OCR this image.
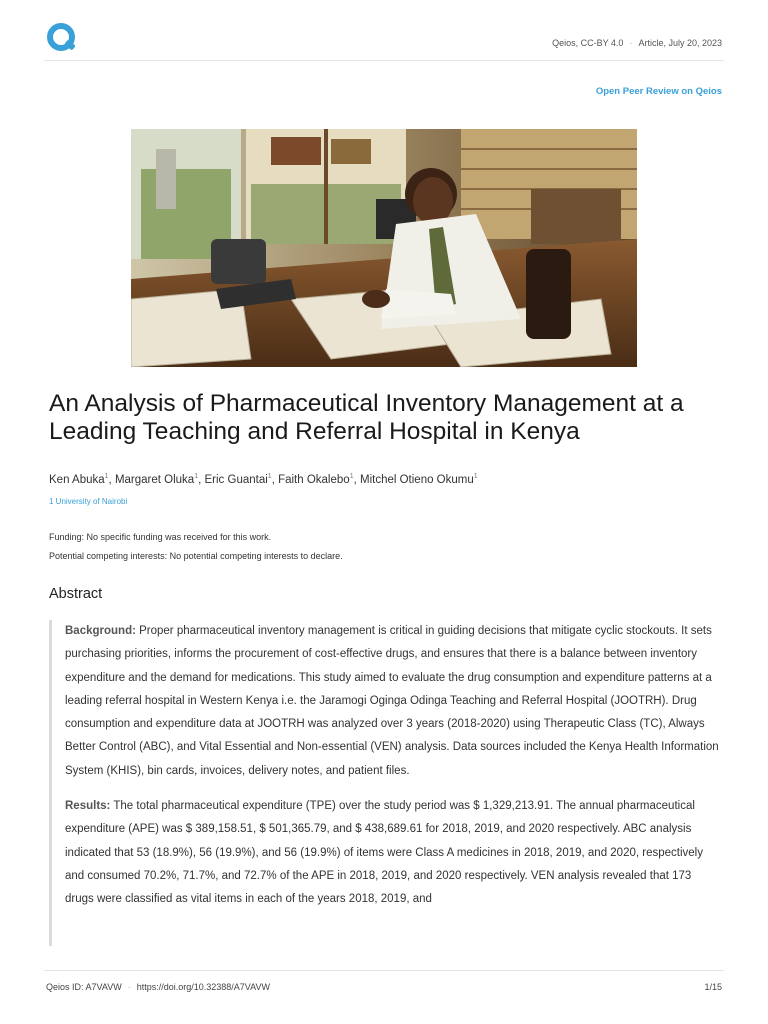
Qeios, CC-BY 4.0 · Article, July 20, 2023
Open Peer Review on Qeios
An Analysis of Pharmaceutical Inventory Management at a Leading Teaching and Referral Hospital in Kenya
Ken Abuka$^1$, Margaret Oluka$^1$, Eric Guantai$^1$, Faith Okalebo$^1$, Mitchel Otieno Okumu$^1$
1 University of Nairobi
Funding: No specific funding was received for this work.
Potential competing interests: No potential competing interests to declare.
Abstract

Background: Proper pharmaceutical inventory management is critical in guiding decisions that mitigate cyclic stockouts. It sets purchasing priorities, informs the procurement of cost-effective drugs, and ensures that there is a balance between inventory expenditure and the demand for medications. This study aimed to evaluate the drug consumption and expenditure patterns at a leading referral hospital in Western Kenya i.e. the Jaramogi Oginga Odinga Teaching and Referral Hospital (JOOTRH). Drug consumption and expenditure data at JOOTRH was analyzed over 3 years (2018-2020) using Therapeutic Class (TC), Always Better Control (ABC), and Vital Essential and Non-essential (VEN) analysis. Data sources included the Kenya Health Information System (KHIS), bin cards, invoices, delivery notes, and patient files.

Results: The total pharmaceutical expenditure (TPE) over the study period was $ 1,329,213.91. The annual pharmaceutical expenditure (APE) was $ 389,158.51, $ 501,365.79, and $ 438,689.61 for 2018, 2019, and 2020 respectively. ABC analysis indicated that 53 (18.9%), 56 (19.9%), and 56 (19.9%) of items were Class A medicines in 2018, 2019, and 2020, respectively and consumed 70.2%, 71.7%, and 72.7% of the APE in 2018, 2019, and 2020 respectively. VEN analysis revealed that 173 drugs were classified as vital items in each of the years 2018, 2019, and

Qeios ID: A7VAVW · https://doi.org/10.32388/A7VAVW	1/15
